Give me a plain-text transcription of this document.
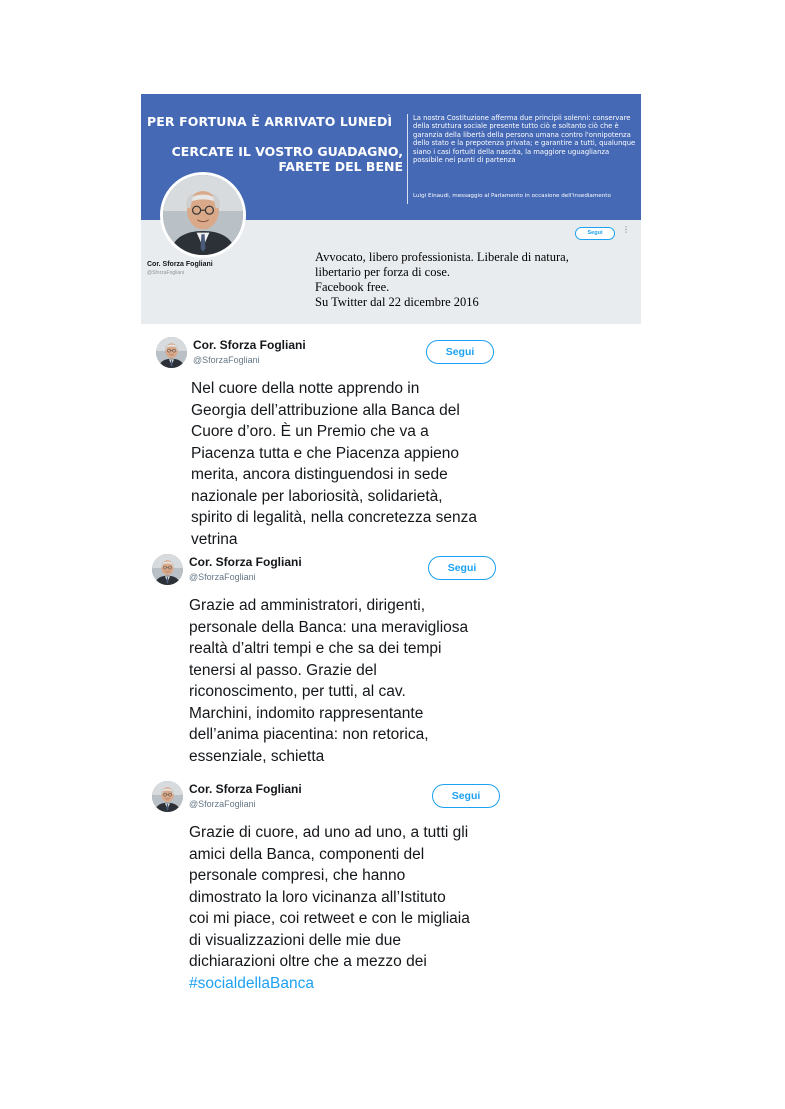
PER FORTUNA È ARRIVATO LUNEDÌ
CERCATE IL VOSTRO GUADAGNO,
FARETE DEL BENE
La nostra Costituzione afferma due principii solenni: conservare della struttura sociale presente tutto ciò e soltanto ciò che è garanzia della libertà della persona umana contro l'onnipotenza dello stato e la prepotenza privata; e garantire a tutti, qualunque siano i casi fortuiti della nascita, la maggiore uguaglianza possibile nei punti di partenza
Luigi Einaudi, messaggio al Parlamento in occasione dell'insediamento
Segui	⋮
Cor. Sforza Fogliani
@SforzaFogliani
Avvocato, libero professionista. Liberale di natura,
libertario per forza di cose.
Facebook free.
Su Twitter dal 22 dicembre 2016
Cor. Sforza Fogliani
@SforzaFogliani
Segui
Nel cuore della notte apprendo in
Georgia dell’attribuzione alla Banca del
Cuore d’oro. È un Premio che va a
Piacenza tutta e che Piacenza appieno
merita, ancora distinguendosi in sede
nazionale per laboriosità, solidarietà,
spirito di legalità, nella concretezza senza
vetrina
Cor. Sforza Fogliani
@SforzaFogliani
Segui
Grazie ad amministratori, dirigenti,
personale della Banca: una meravigliosa
realtà d’altri tempi e che sa dei tempi
tenersi al passo. Grazie del
riconoscimento, per tutti, al cav.
Marchini, indomito rappresentante
dell’anima piacentina: non retorica,
essenziale, schietta
Cor. Sforza Fogliani
@SforzaFogliani
Segui
Grazie di cuore, ad uno ad uno, a tutti gli
amici della Banca, componenti del
personale compresi, che hanno
dimostrato la loro vicinanza all’Istituto
coi mi piace, coi retweet e con le migliaia
di visualizzazioni delle mie due
dichiarazioni oltre che a mezzo dei
#socialdellaBanca
